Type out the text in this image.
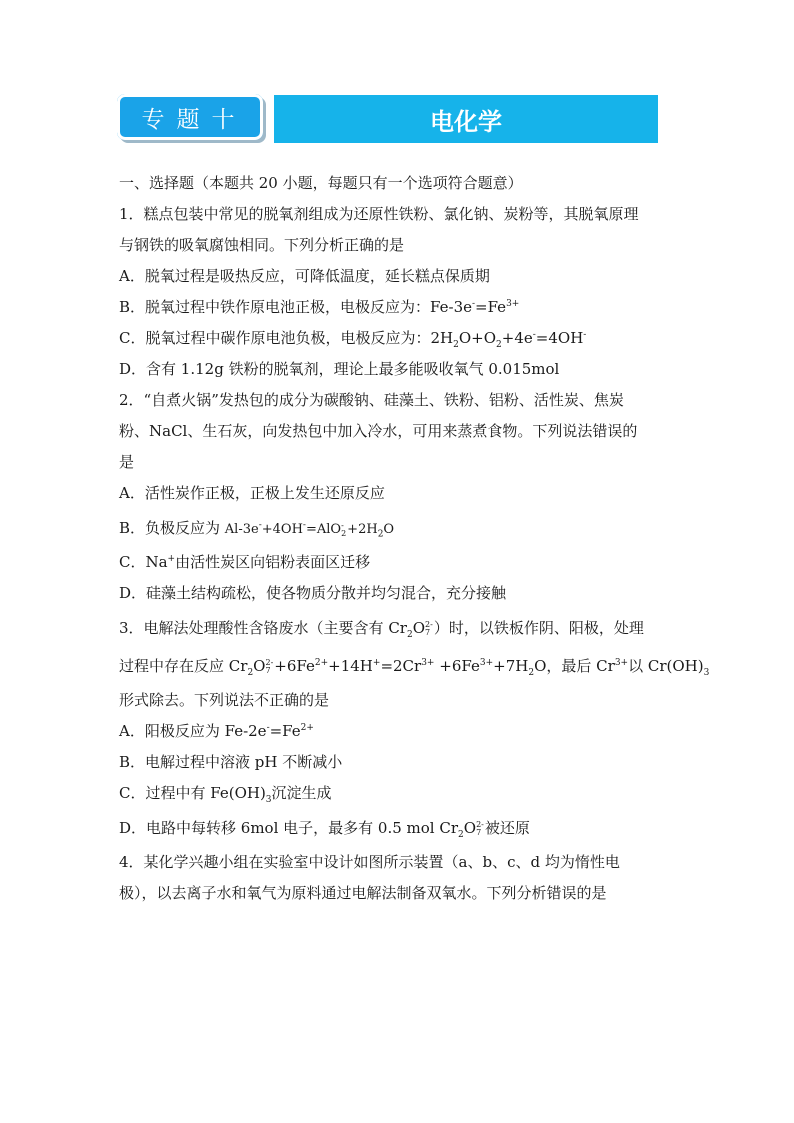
专题十	电化学
一、选择题（本题共 20 小题，每题只有一个选项符合题意）
1．糕点包装中常见的脱氧剂组成为还原性铁粉、氯化钠、炭粉等，其脱氧原理
与钢铁的吸氧腐蚀相同。下列分析正确的是
A．脱氧过程是吸热反应，可降低温度，延长糕点保质期
B．脱氧过程中铁作原电池正极，电极反应为：$Fe-3e^-=Fe^{3+}$
C．脱氧过程中碳作原电池负极，电极反应为：$2H_2O+O_2+4e^-=4OH^-$
D．含有 1.12g 铁粉的脱氧剂，理论上最多能吸收氧气 0.015mol
2．“自煮火锅”发热包的成分为碳酸钠、硅藻土、铁粉、铝粉、活性炭、焦炭
粉、NaCl、生石灰，向发热包中加入冷水，可用来蒸煮食物。下列说法错误的
是
A．活性炭作正极，正极上发生还原反应
B．负极反应为 Al-3e-+4OH-=AlO -
$2 +2H_2O$
C．Na+由活性炭区向铝粉表面区迁移
D．硅藻土结构疏松，使各物质分散并均匀混合，充分接触
3．电解法处理酸性含铬废水（主要含有 $Cr_2O$ 2-
7 ）时，以铁板作阴、阳极，处理
过程中存在反应 $Cr_2O$ 2-
$7 +6Fe^{2+}+14H^+=2Cr^{3+} +6Fe^{3+}+7H_2O$，最后 $Cr^{3+}$以 $Cr(OH)_3$
形式除去。下列说法不正确的是
A．阳极反应为 $Fe-2e^-=Fe^{2+}$
B．电解过程中溶液 pH 不断减小
C．过程中有 $Fe(OH)_3$沉淀生成
D．电路中每转移 6mol 电子，最多有 0.5 mol $Cr_2O$ 2-
7 被还原
4．某化学兴趣小组在实验室中设计如图所示装置（a、b、c、d 均为惰性电
极），以去离子水和氧气为原料通过电解法制备双氧水。下列分析错误的是
